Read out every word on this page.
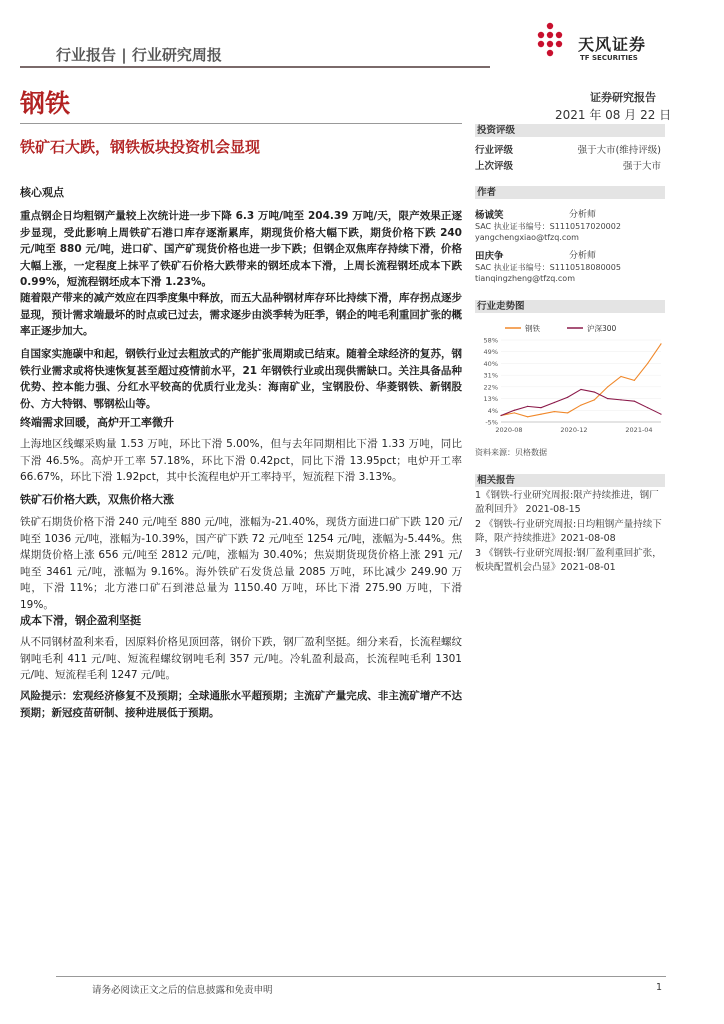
行业报告 | 行业研究周报
天风证券
TF SECURITIES
钢铁	证券研究报告
2021 年 08 月 22 日
铁矿石大跌，钢铁板块投资机会显现
核心观点
重点钢企日均粗钢产量较上次统计进一步下降 6.3 万吨/吨至 204.39 万吨/天，限产效果正逐步显现，受此影响上周铁矿石港口库存逐渐累库，期现货价格大幅下跌，期货价格下跌 240 元/吨至 880 元/吨，进口矿、国产矿现货价格也进一步下跌；但钢企双焦库存持续下滑，价格大幅上涨，一定程度上抹平了铁矿石价格大跌带来的钢坯成本下滑，上周长流程钢坯成本下跌 0.99%，短流程钢坯成本下滑 1.23%。
随着限产带来的减产效应在四季度集中释放，而五大品种钢材库存环比持续下滑，库存拐点逐步显现，预计需求端最坏的时点或已过去，需求逐步由淡季转为旺季，钢企的吨毛利重回扩张的概率正逐步加大。
自国家实施碳中和起，钢铁行业过去粗放式的产能扩张周期或已结束。随着全球经济的复苏，钢铁行业需求或将快速恢复甚至超过疫情前水平，21 年钢铁行业或出现供需缺口。关注具备品种优势、控本能力强、分红水平较高的优质行业龙头：海南矿业，宝钢股份、华菱钢铁、新钢股份、方大特钢、鄂钢松山等。
终端需求回暖，高炉开工率微升
上海地区线螺采购量 1.53 万吨，环比下滑 5.00%，但与去年同期相比下滑 1.33 万吨，同比下滑 46.5%。高炉开工率 57.18%，环比下滑 0.42pct，同比下滑 13.95pct；电炉开工率 66.67%，环比下滑 1.92pct，其中长流程电炉开工率持平，短流程下滑 3.13%。
铁矿石价格大跌，双焦价格大涨
铁矿石期货价格下滑 240 元/吨至 880 元/吨，涨幅为-21.40%，现货方面进口矿下跌 120 元/吨至 1036 元/吨，涨幅为-10.39%，国产矿下跌 72 元/吨至 1254 元/吨，涨幅为-5.44%。焦煤期货价格上涨 656 元/吨至 2812 元/吨，涨幅为 30.40%；焦炭期货现货价格上涨 291 元/吨至 3461 元/吨，涨幅为 9.16%。海外铁矿石发货总量 2085 万吨，环比减少 249.90 万吨，下滑 11%；北方港口矿石到港总量为 1150.40 万吨，环比下滑 275.90 万吨，下滑 19%。
成本下滑，钢企盈利坚挺
从不同钢材盈利来看，因原料价格见顶回落，钢价下跌，钢厂盈利坚挺。细分来看，长流程螺纹钢吨毛利 411 元/吨、短流程螺纹钢吨毛利 357 元/吨。冷轧盈利最高，长流程吨毛利 1301 元/吨、短流程毛利 1247 元/吨。
风险提示：宏观经济修复不及预期；全球通胀水平超预期；主流矿产量完成、非主流矿增产不达预期；新冠疫苗研制、接种进展低于预期。
投资评级
行业评级	强于大市(维持评级)
上次评级	强于大市
作者
杨诚笑	分析师
SAC 执业证书编号：S1110517020002
yangchengxiao@tfzq.com
田庆争	分析师
SAC 执业证书编号：S1110518080005
tianqingzheng@tfzq.com
行业走势图
58%
49%
40%
31%
22%
13%
4%
-5%
2020-08	2020-12	2021-04
钢铁	沪深300
资料来源：贝格数据
相关报告
1《钢铁-行业研究周报:限产持续推进，钢厂盈利回升》 2021-08-15
2 《钢铁-行业研究周报:日均粗钢产量持续下降，限产持续推进》2021-08-08
3 《钢铁-行业研究周报:钢厂盈利重回扩张，板块配置机会凸显》2021-08-01
请务必阅读正文之后的信息披露和免责申明	1
